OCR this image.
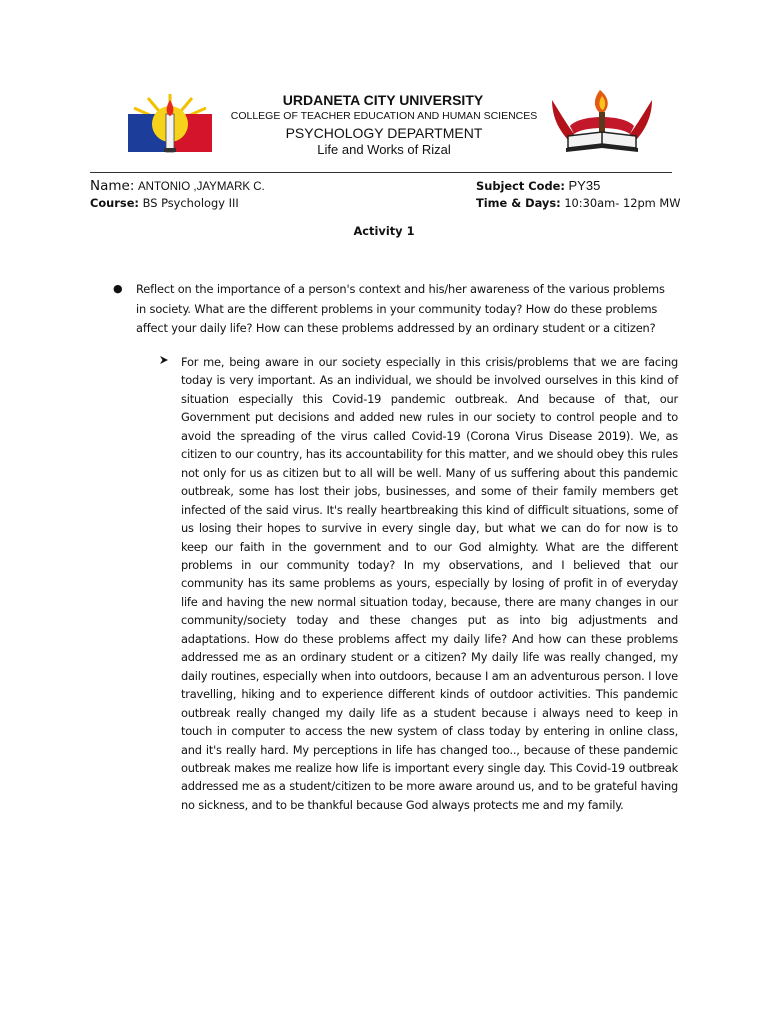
URDANETA CITY UNIVERSITY
COLLEGE OF TEACHER EDUCATION AND HUMAN SCIENCES
PSYCHOLOGY DEPARTMENT
Life and Works of Rizal
Name: ANTONIO ,JAYMARK C.	Subject Code: PY35
Course: BS Psychology III	Time & Days: 10:30am- 12pm MW
Activity 1
● Reflect on the importance of a person's context and his/her awareness of the various problems in society. What are the different problems in your community today? How do these problems affect your daily life? How can these problems addressed by an ordinary student or a citizen?
For me, being aware in our society especially in this crisis/problems that we are facing today is very important. As an individual, we should be involved ourselves in this kind of situation especially this Covid-19 pandemic outbreak. And because of that, our Government put decisions and added new rules in our society to control people and to avoid the spreading of the virus called Covid-19 (Corona Virus Disease 2019). We, as citizen to our country, has its accountability for this matter, and we should obey this rules not only for us as citizen but to all will be well. Many of us suffering about this pandemic outbreak, some has lost their jobs, businesses, and some of their family members get infected of the said virus. It's really heartbreaking this kind of difficult situations, some of us losing their hopes to survive in every single day, but what we can do for now is to keep our faith in the government and to our God almighty. What are the different problems in our community today? In my observations, and I believed that our community has its same problems as yours, especially by losing of profit in of everyday life and having the new normal situation today, because, there are many changes in our community/society today and these changes put as into big adjustments and adaptations. How do these problems affect my daily life? And how can these problems addressed me as an ordinary student or a citizen? My daily life was really changed, my daily routines, especially when into outdoors, because I am an adventurous person. I love travelling, hiking and to experience different kinds of outdoor activities. This pandemic outbreak really changed my daily life as a student because i always need to keep in touch in computer to access the new system of class today by entering in online class, and it's really hard. My perceptions in life has changed too.., because of these pandemic outbreak makes me realize how life is important every single day. This Covid-19 outbreak addressed me as a student/citizen to be more aware around us, and to be grateful having no sickness, and to be thankful because God always protects me and my family.
